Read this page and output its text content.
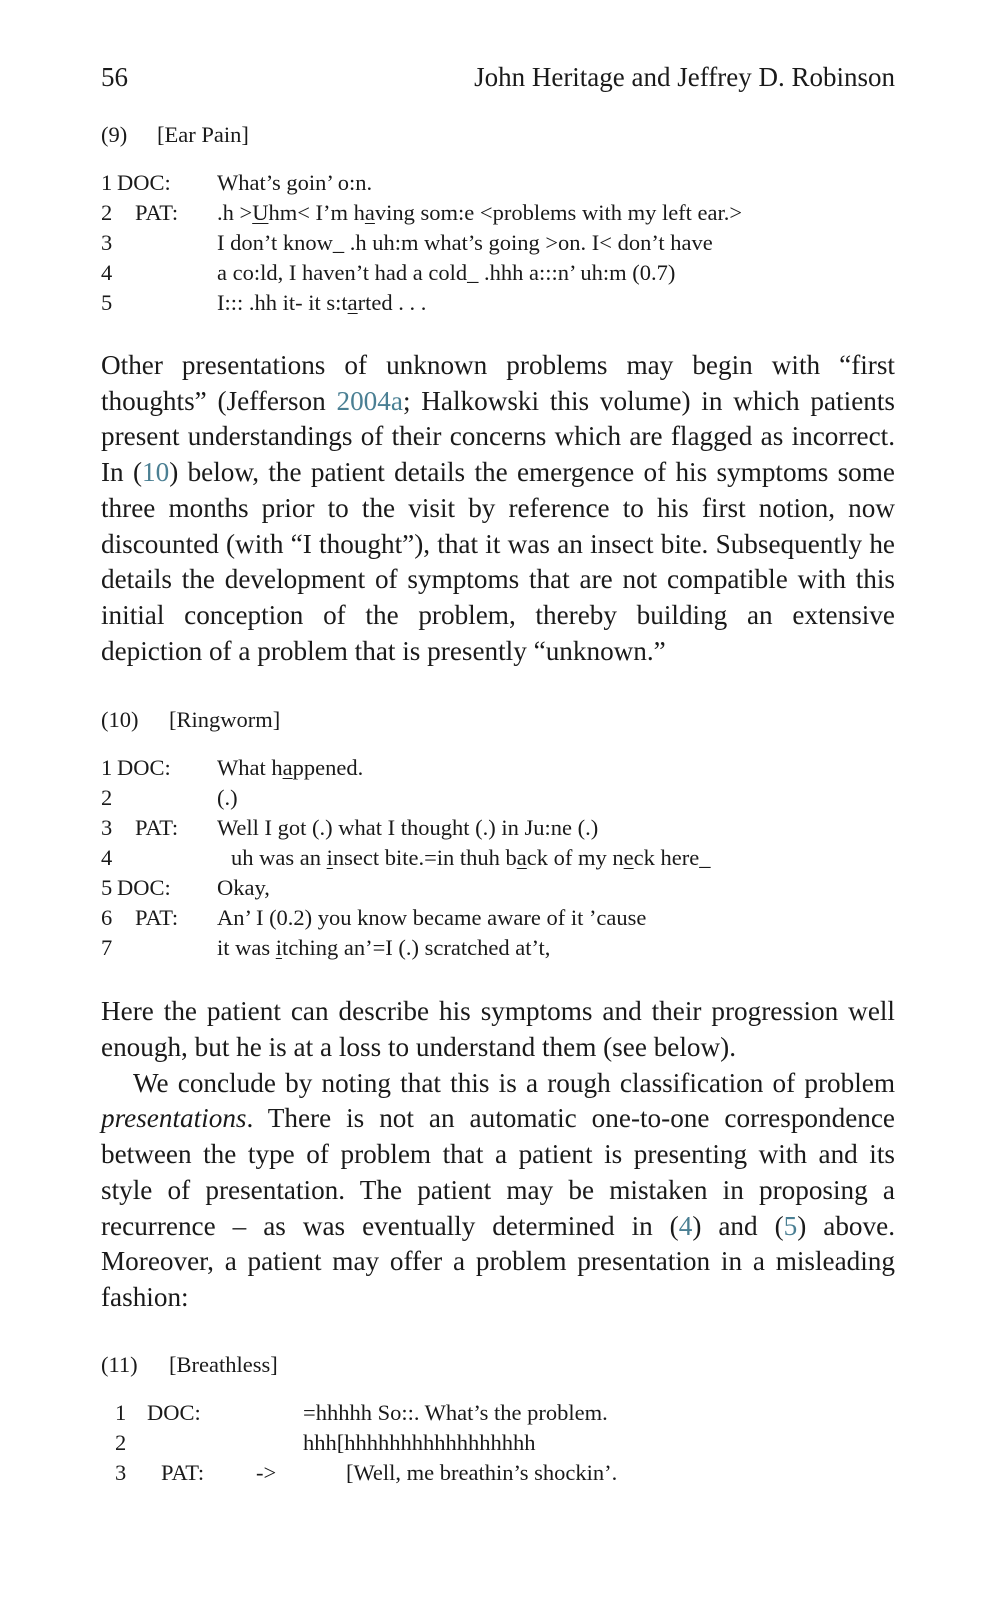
56	John Heritage and Jeffrey D. Robinson
(9) [Ear Pain]
1 DOC: What’s goin’ o:n.
2 PAT: .h >Uhm< I’m having som:e <problems with my left ear.>
3	I don’t know_ .h uh:m what’s going >on. I< don’t have
4	a co:ld, I haven’t had a cold_ .hhh a:::n’ uh:m (0.7)
5	I::: .hh it- it s:tarted . . .

Other presentations of unknown problems may begin with “first thoughts” (Jefferson 2004a; Halkowski this volume) in which patients present understandings of their concerns which are flagged as incorrect. In (10) below, the patient details the emergence of his symptoms some three months prior to the visit by reference to his first notion, now discounted (with “I thought”), that it was an insect bite. Subsequently he details the development of symptoms that are not compatible with this initial conception of the problem, thereby building an extensive depiction of a problem that is presently “unknown.”

(10) [Ringworm]
1 DOC: What happened.
2	(.)
3 PAT: Well I got (.) what I thought (.) in Ju:ne (.)
4	uh was an insect bite.=in thuh back of my neck here_
5 DOC: Okay,
6 PAT: An’ I (0.2) you know became aware of it ’cause
7	it was itching an’=I (.) scratched at’t,

Here the patient can describe his symptoms and their progression well enough, but he is at a loss to understand them (see below).

We conclude by noting that this is a rough classification of problem presentations. There is not an automatic one-to-one correspondence between the type of problem that a patient is presenting with and its style of presentation. The patient may be mistaken in proposing a recurrence – as was eventually determined in (4) and (5) above. Moreover, a patient may offer a problem presentation in a misleading fashion:

(11) [Breathless]
1 DOC:	=hhhhh So::. What’s the problem.
2	hhh[hhhhhhhhhhhhhhhhh
3 PAT: ->	[Well, me breathin’s shockin’.
